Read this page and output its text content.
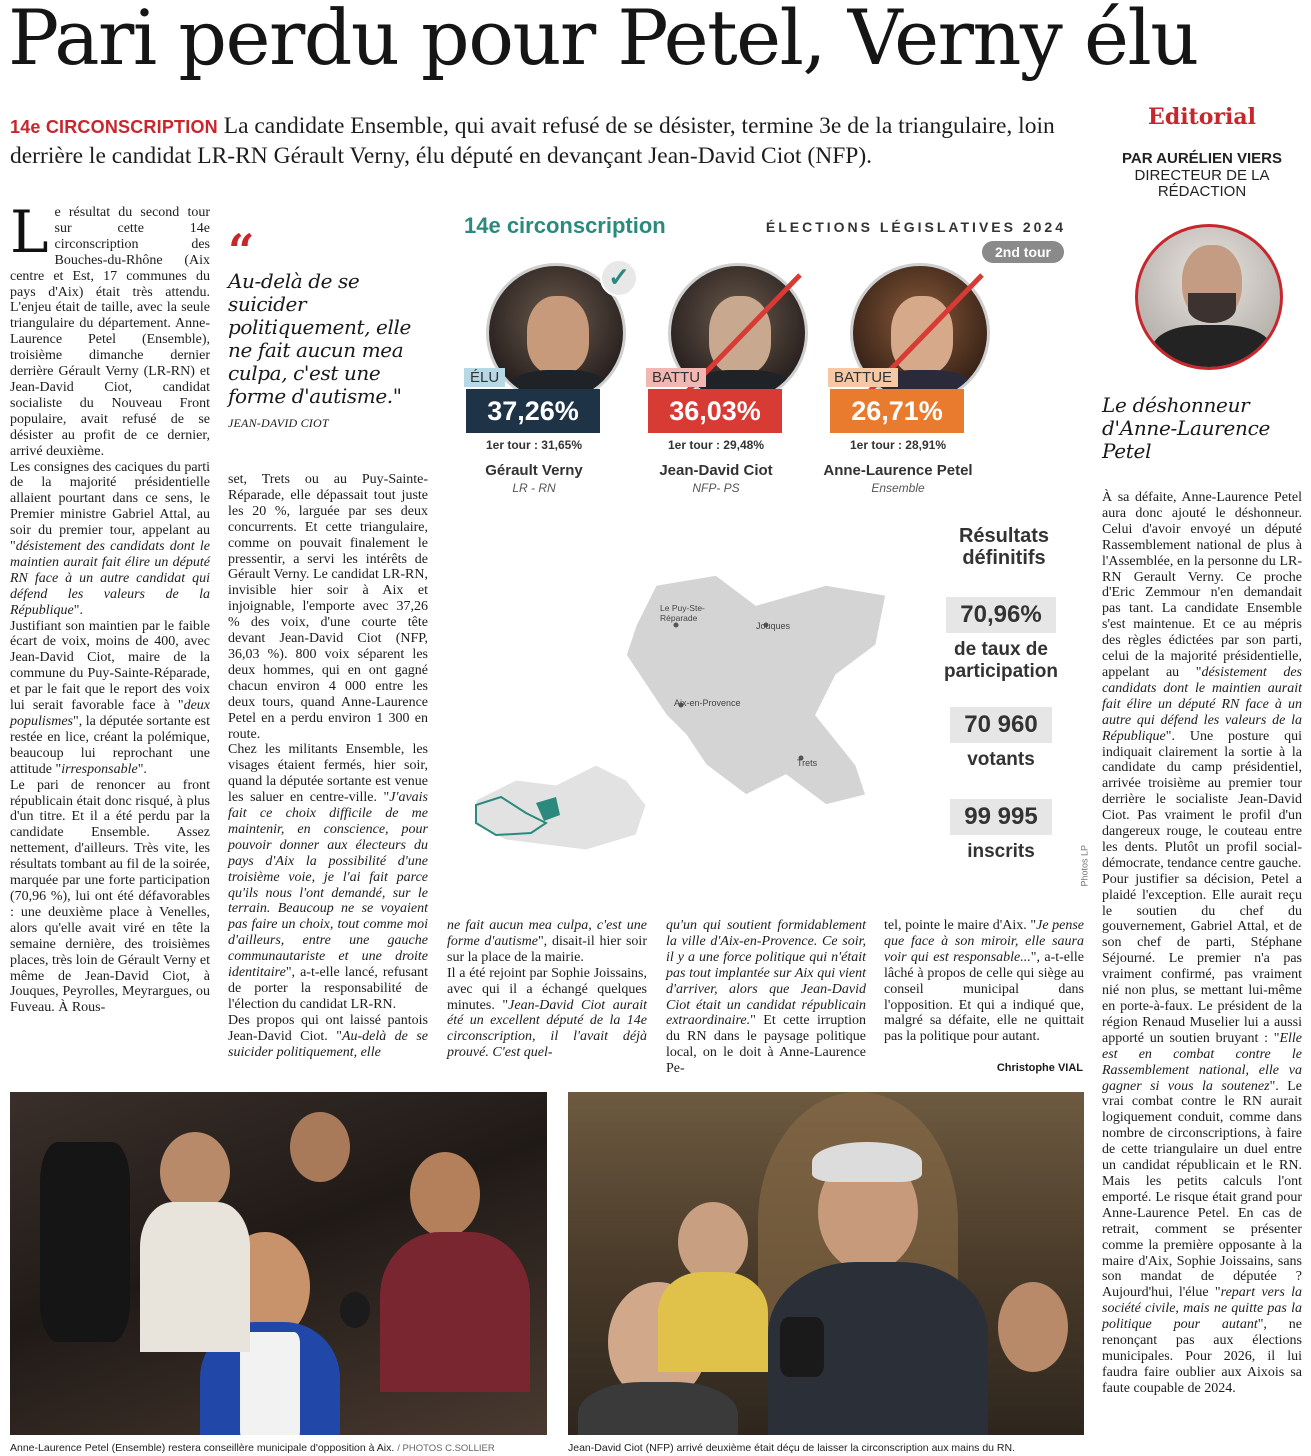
Pari perdu pour Petel, Verny élu
14e CIRCONSCRIPTION La candidate Ensemble, qui avait refusé de se désister, termine 3e de la triangulaire, loin derrière le candidat LR-RN Gérault Verny, élu député en devançant Jean-David Ciot (NFP).

Le résultat du second tour sur cette 14e circonscription des Bouches-du-Rhône (Aix centre et Est, 17 communes du pays d'Aix) était très attendu. L'enjeu était de taille, avec la seule triangulaire du département. Anne-Laurence Petel (Ensemble), troisième dimanche dernier derrière Gérault Verny (LR-RN) et Jean-David Ciot, candidat socialiste du Nouveau Front populaire, avait refusé de se désister au profit de ce dernier, arrivé deuxième.

Les consignes des caciques du parti de la majorité présidentielle allaient pourtant dans ce sens, le Premier ministre Gabriel Attal, au soir du premier tour, appelant au "désistement des candidats dont le maintien aurait fait élire un député RN face à un autre candidat qui défend les valeurs de la République".

Justifiant son maintien par le faible écart de voix, moins de 400, avec Jean-David Ciot, maire de la commune du Puy-Sainte-Réparade, et par le fait que le report des voix lui serait favorable face à "deux populismes", la députée sortante est restée en lice, créant la polémique, beaucoup lui reprochant une attitude "irresponsable".

Le pari de renoncer au front républicain était donc risqué, à plus d'un titre. Et il a été perdu par la candidate Ensemble. Assez nettement, d'ailleurs. Très vite, les résultats tombant au fil de la soirée, marquée par une forte participation (70,96 %), lui ont été défavorables : une deuxième place à Venelles, alors qu'elle avait viré en tête la semaine dernière, des troisièmes places, très loin de Gérault Verny et même de Jean-David Ciot, à Jouques, Peyrolles, Meyrargues, ou Fuveau. À Rous-

“
Au-delà de se suicider politiquement, elle ne fait aucun mea culpa, c'est une forme d'autisme."
JEAN-DAVID CIOT

set, Trets ou au Puy-Sainte-Réparade, elle dépassait tout juste les 20 %, larguée par ses deux concurrents. Et cette triangulaire, comme on pouvait finalement le pressentir, a servi les intérêts de Gérault Verny. Le candidat LR-RN, invisible hier soir à Aix et injoignable, l'emporte avec 37,26 % des voix, d'une courte tête devant Jean-David Ciot (NFP, 36,03 %). 800 voix séparent les deux hommes, qui en ont gagné chacun environ 4 000 entre les deux tours, quand Anne-Laurence Petel en a perdu environ 1 300 en route.

Chez les militants Ensemble, les visages étaient fermés, hier soir, quand la députée sortante est venue les saluer en centre-ville. "J'avais fait ce choix difficile de me maintenir, en conscience, pour pouvoir donner aux électeurs du pays d'Aix la possibilité d'une troisième voie, je l'ai fait parce qu'ils nous l'ont demandé, sur le terrain. Beaucoup ne se voyaient pas faire un choix, tout comme moi d'ailleurs, entre une gauche communautariste et une droite identitaire", a-t-elle lancé, refusant de porter la responsabilité de l'élection du candidat LR-RN.

Des propos qui ont laissé pantois Jean-David Ciot. "Au-delà de se suicider politiquement, elle

ne fait aucun mea culpa, c'est une forme d'autisme", disait-il hier soir sur la place de la mairie.

Il a été rejoint par Sophie Joissains, avec qui il a échangé quelques minutes. "Jean-David Ciot aurait été un excellent député de la 14e circonscription, il l'avait déjà prouvé. C'est quel-

qu'un qui soutient formidablement la ville d'Aix-en-Provence. Ce soir, il y a une force politique qui n'était pas tout implantée sur Aix qui vient d'arriver, alors que Jean-David Ciot était un candidat républicain extraordinaire." Et cette irruption du RN dans le paysage politique local, on le doit à Anne-Laurence Pe-

tel, pointe le maire d'Aix. "Je pense que face à son miroir, elle saura voir qui est responsable...", a-t-elle lâché à propos de celle qui siège au conseil municipal dans l'opposition. Et qui a indiqué que, malgré sa défaite, elle ne quittait pas la politique pour autant.

Christophe VIAL
14e circonscription	ÉLECTIONS LÉGISLATIVES 2024
2nd tour
✓
ÉLU
37,26%
1er tour : 31,65%
Gérault Verny
LR - RN
BATTU
36,03%
1er tour : 29,48%
Jean-David Ciot
NFP- PS
BATTUE
26,71%
1er tour : 28,91%
Anne-Laurence Petel
Ensemble
Le Puy-Ste-Réparade
Jouques
Aix-en-Provence
Trets
Résultats définitifs
70,96%
de taux de participation
70 960
votants
99 995
inscrits	Photos LP
Editorial
PAR AURÉLIEN VIERS
DIRECTEUR DE LA RÉDACTION
Le déshonneur d'Anne-Laurence Petel

À sa défaite, Anne-Laurence Petel aura donc ajouté le déshonneur. Celui d'avoir envoyé un député Rassemblement national de plus à l'Assemblée, en la personne du LR-RN Gerault Verny. Ce proche d'Eric Zemmour n'en demandait pas tant. La candidate Ensemble s'est maintenue. Et ce au mépris des règles édictées par son parti, celui de la majorité présidentielle, appelant au "désistement des candidats dont le maintien aurait fait élire un député RN face à un autre qui défend les valeurs de la République". Une posture qui indiquait clairement la sortie à la candidate du camp présidentiel, arrivée troisième au premier tour derrière le socialiste Jean-David Ciot. Pas vraiment le profil d'un dangereux rouge, le couteau entre les dents. Plutôt un profil social-démocrate, tendance centre gauche.

Pour justifier sa décision, Petel a plaidé l'exception. Elle aurait reçu le soutien du chef du gouvernement, Gabriel Attal, et de son chef de parti, Stéphane Séjourné. Le premier n'a pas vraiment confirmé, pas vraiment nié non plus, se mettant lui-même en porte-à-faux. Le président de la région Renaud Muselier lui a aussi apporté un soutien bruyant : "Elle est en combat contre le Rassemblement national, elle va gagner si vous la soutenez". Le vrai combat contre le RN aurait logiquement conduit, comme dans nombre de circonscriptions, à faire de cette triangulaire un duel entre un candidat républicain et le RN. Mais les petits calculs l'ont emporté. Le risque était grand pour Anne-Laurence Petel. En cas de retrait, comment se présenter comme la première opposante à la maire d'Aix, Sophie Joissains, sans son mandat de députée ? Aujourd'hui, l'élue "repart vers la société civile, mais ne quitte pas la politique pour autant", ne renonçant pas aux élections municipales. Pour 2026, il lui faudra faire oublier aux Aixois sa faute coupable de 2024.

Anne-Laurence Petel (Ensemble) restera conseillère municipale d'opposition à Aix. / PHOTOS C.SOLLIER	Jean-David Ciot (NFP) arrivé deuxième était déçu de laisser la circonscription aux mains du RN.
